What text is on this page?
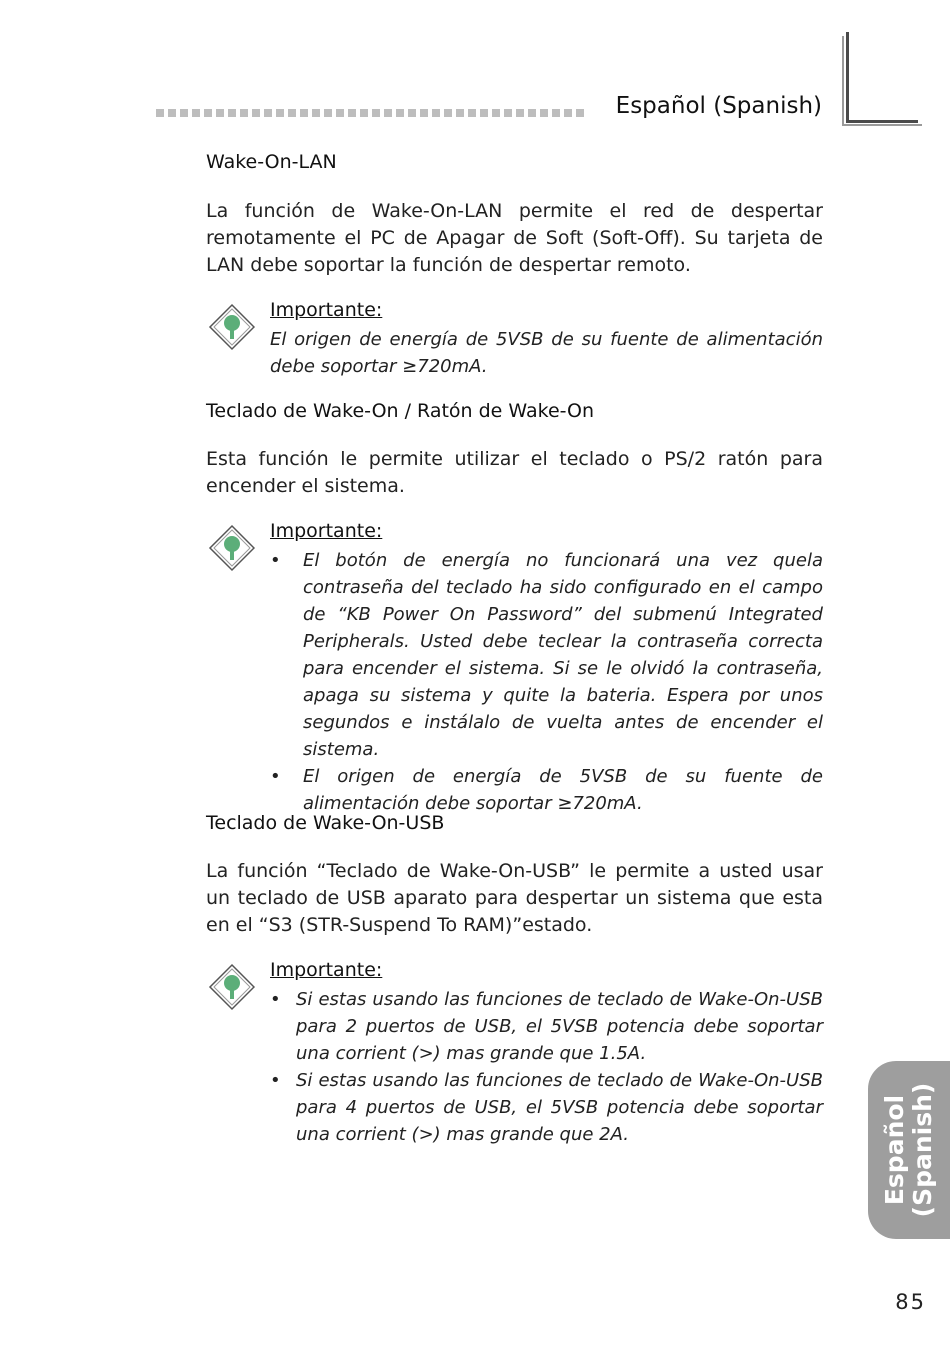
Español (Spanish)
Wake-On-LAN
La función de Wake-On-LAN permite el red de despertar remotamente el PC de Apagar de Soft (Soft-Off). Su tarjeta de LAN debe soportar la función de despertar remoto.
Importante:
El origen de energía de 5VSB de su fuente de alimentación debe soportar ≥720mA.
Teclado de Wake-On / Ratón de Wake-On
Esta función le permite utilizar el teclado o PS/2 ratón para encender el sistema.
Importante:
• El botón de energía no funcionará una vez quela contraseña del teclado ha sido configurado en el campo de “KB Power On Password” del submenú Integrated Peripherals. Usted debe teclear la contraseña correcta para encender el sistema. Si se le olvidó la contraseña, apaga su sistema y quite la bateria. Espera por unos segundos e instálalo de vuelta antes de encender el sistema.
• El origen de energía de 5VSB de su fuente de alimentación debe soportar ≥720mA.
Teclado de Wake-On-USB
La función “Teclado de Wake-On-USB” le permite a usted usar un teclado de USB aparato para despertar un sistema que esta en el “S3 (STR-Suspend To RAM)”estado.
Importante:
• Si estas usando las funciones de teclado de Wake-On-USB para 2 puertos de USB, el 5VSB potencia debe soportar una corrient (>) mas grande que 1.5A.
• Si estas usando las funciones de teclado de Wake-On-USB para 4 puertos de USB, el 5VSB potencia debe soportar una corrient (>) mas grande que 2A.	Español (Spanish)
85
